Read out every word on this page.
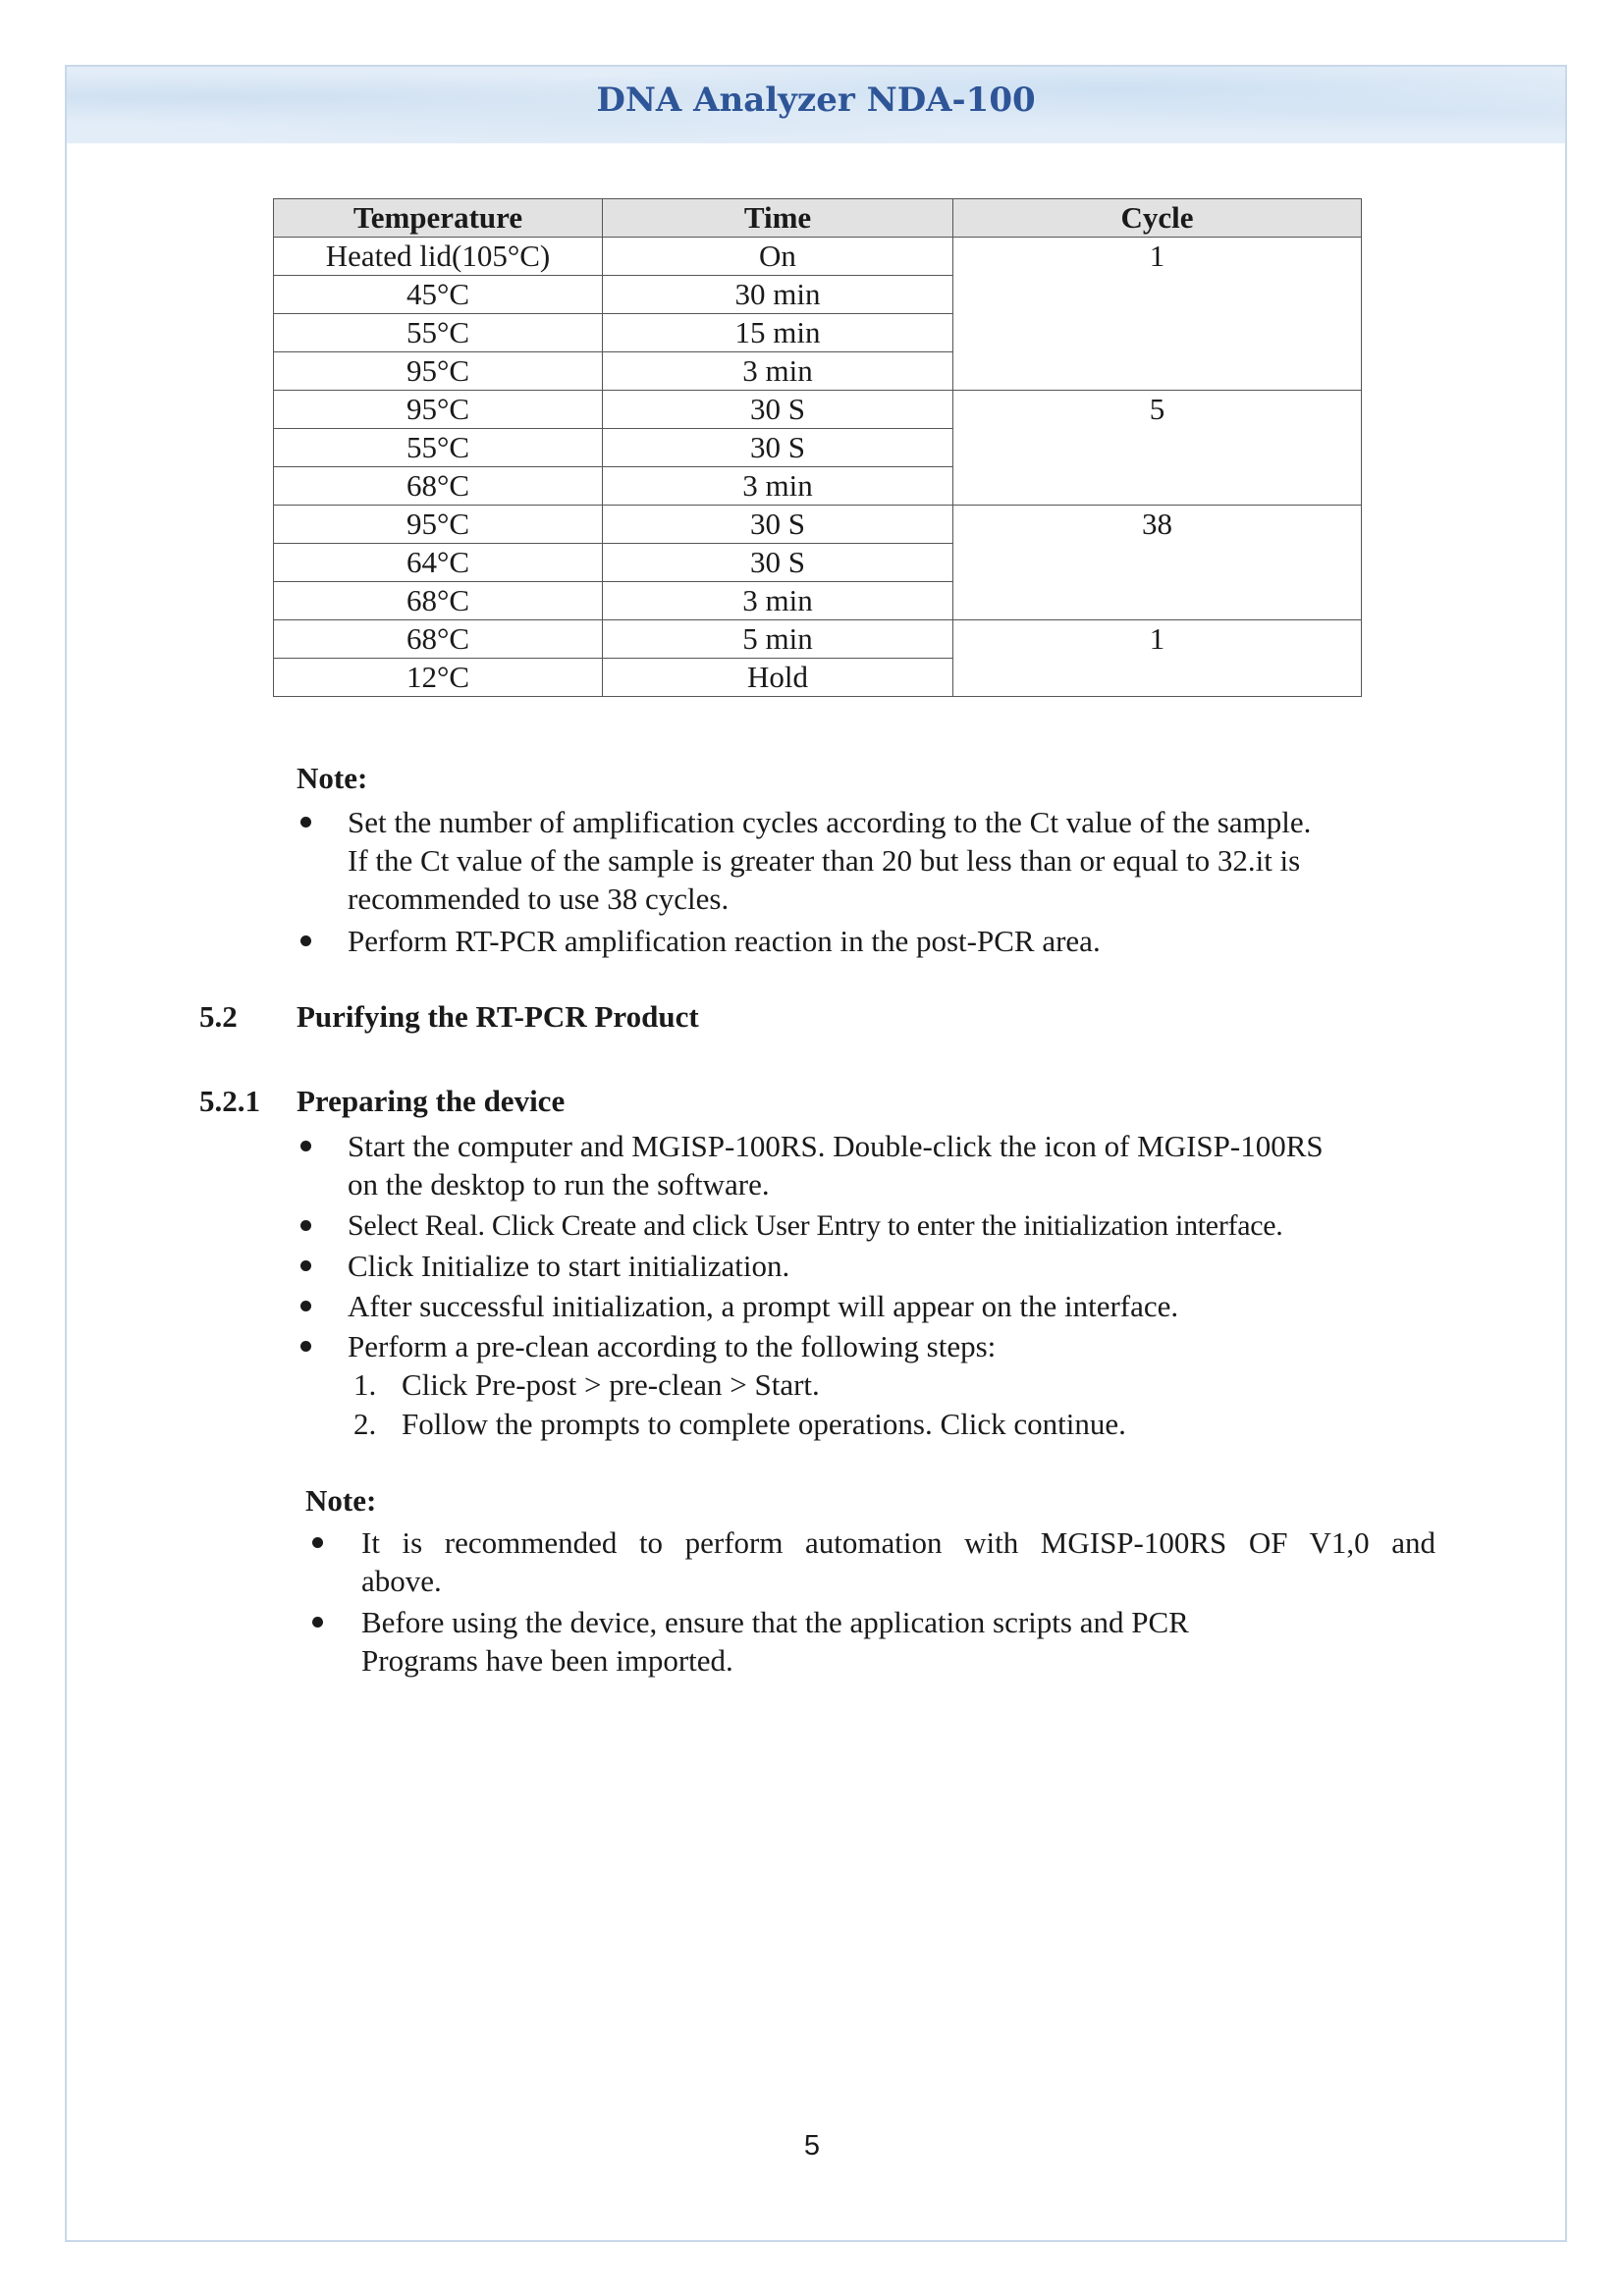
DNA Analyzer NDA-100
Temperature	Time	Cycle
Heated lid(105°C)	On	1
45°C	30 min	
55°C	15 min	
95°C	3 min	
95°C	30 S	5
55°C	30 S	
68°C	3 min	
95°C	30 S	38
64°C	30 S	
68°C	3 min	
68°C	5 min	1
12°C	Hold	
Note:
Set the number of amplification cycles according to the Ct value of the sample.
If the Ct value of the sample is greater than 20 but less than or equal to 32.it is
recommended to use 38 cycles.
Perform RT-PCR amplification reaction in the post-PCR area.
5.2 Purifying the RT-PCR Product
5.2.1 Preparing the device
Start the computer and MGISP-100RS. Double-click the icon of MGISP-100RS
on the desktop to run the software.
Select Real. Click Create and click User Entry to enter the initialization interface.
Click Initialize to start initialization.
After successful initialization, a prompt will appear on the interface.
Perform a pre-clean according to the following steps:
1. Click Pre-post > pre-clean > Start.
2. Follow the prompts to complete operations. Click continue.
Note:
It is recommended to perform automation with MGISP-100RS OF V1,0 and
above.
Before using the device, ensure that the application scripts and PCR
Programs have been imported.
5
